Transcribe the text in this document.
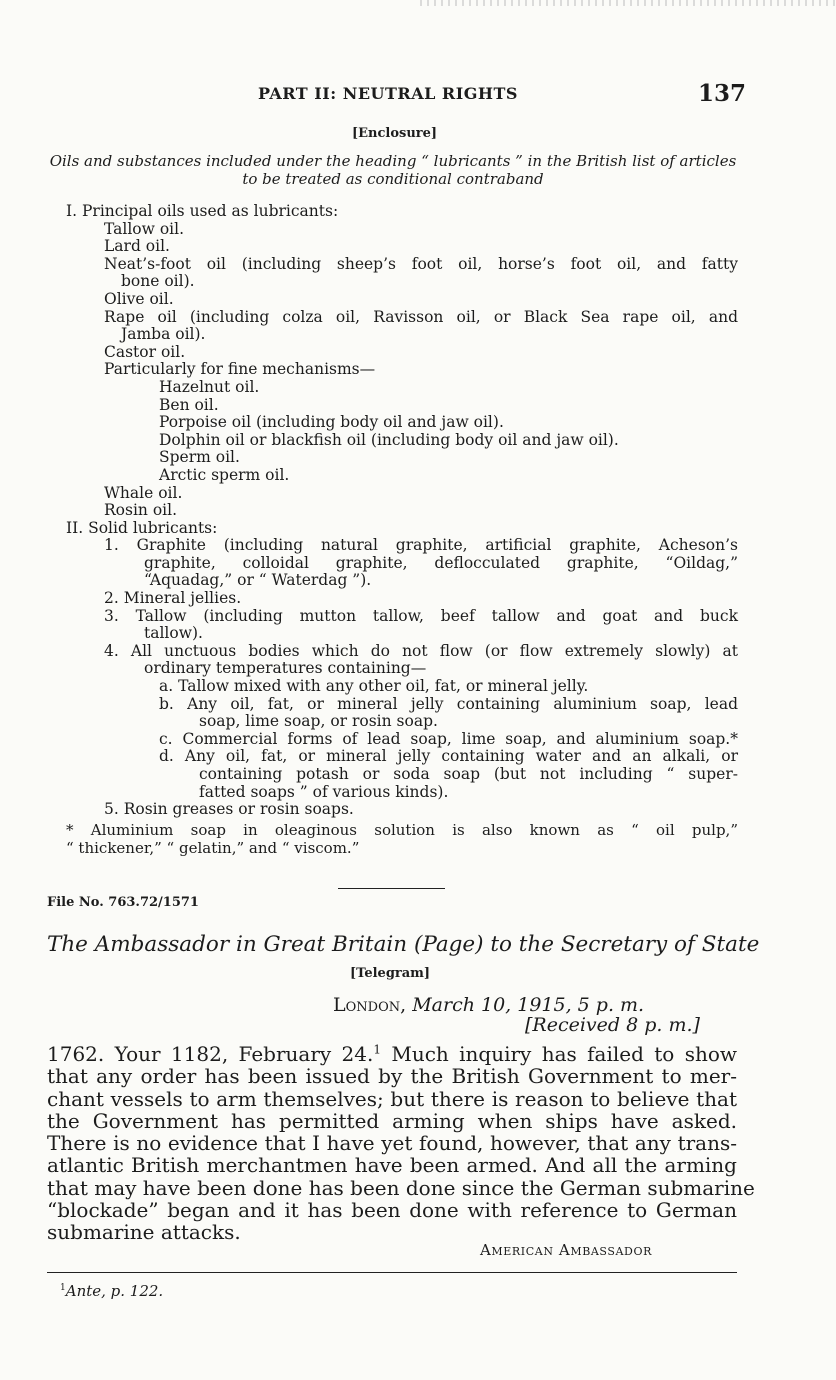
PART II: NEUTRAL RIGHTS	137
[Enclosure]
Oils and substances included under the heading “ lubricants ” in the British list of articles to be treated as conditional contraband
I. Principal oils used as lubricants:
Tallow oil.
Lard oil.
Neat’s-foot oil (including sheep’s foot oil, horse’s foot oil, and fatty
bone oil).
Olive oil.
Rape oil (including colza oil, Ravisson oil, or Black Sea rape oil, and
Jamba oil).
Castor oil.
Particularly for fine mechanisms—
Hazelnut oil.
Ben oil.
Porpoise oil (including body oil and jaw oil).
Dolphin oil or blackfish oil (including body oil and jaw oil).
Sperm oil.
Arctic sperm oil.
Whale oil.
Rosin oil.
II. Solid lubricants:
1. Graphite (including natural graphite, artificial graphite, Acheson’s
graphite, colloidal graphite, deflocculated graphite, “Oildag,”
“Aquadag,” or “ Waterdag ”).
2. Mineral jellies.
3. Tallow (including mutton tallow, beef tallow and goat and buck
tallow).
4. All unctuous bodies which do not flow (or flow extremely slowly) at
ordinary temperatures containing—
a. Tallow mixed with any other oil, fat, or mineral jelly.
b. Any oil, fat, or mineral jelly containing aluminium soap, lead
soap, lime soap, or rosin soap.
c. Commercial forms of lead soap, lime soap, and aluminium soap.*
d. Any oil, fat, or mineral jelly containing water and an alkali, or
containing potash or soda soap (but not including “ super-
fatted soaps ” of various kinds).
5. Rosin greases or rosin soaps.
* Aluminium soap in oleaginous solution is also known as “ oil pulp,”
“ thickener,” “ gelatin,” and “ viscom.”
File No. 763.72/1571
The Ambassador in Great Britain (Page) to the Secretary of State
[Telegram]
London, March 10, 1915, 5 p. m.
[Received 8 p. m.]
1762. Your 1182, February 24.$^1$ Much inquiry has failed to show
that any order has been issued by the British Government to mer-
chant vessels to arm themselves; but there is reason to believe that
the Government has permitted arming when ships have asked.
There is no evidence that I have yet found, however, that any trans-
atlantic British merchantmen have been armed. And all the arming
that may have been done has been done since the German submarine
“blockade” began and it has been done with reference to German
submarine attacks.
American Ambassador
$^1$Ante, p. 122.
